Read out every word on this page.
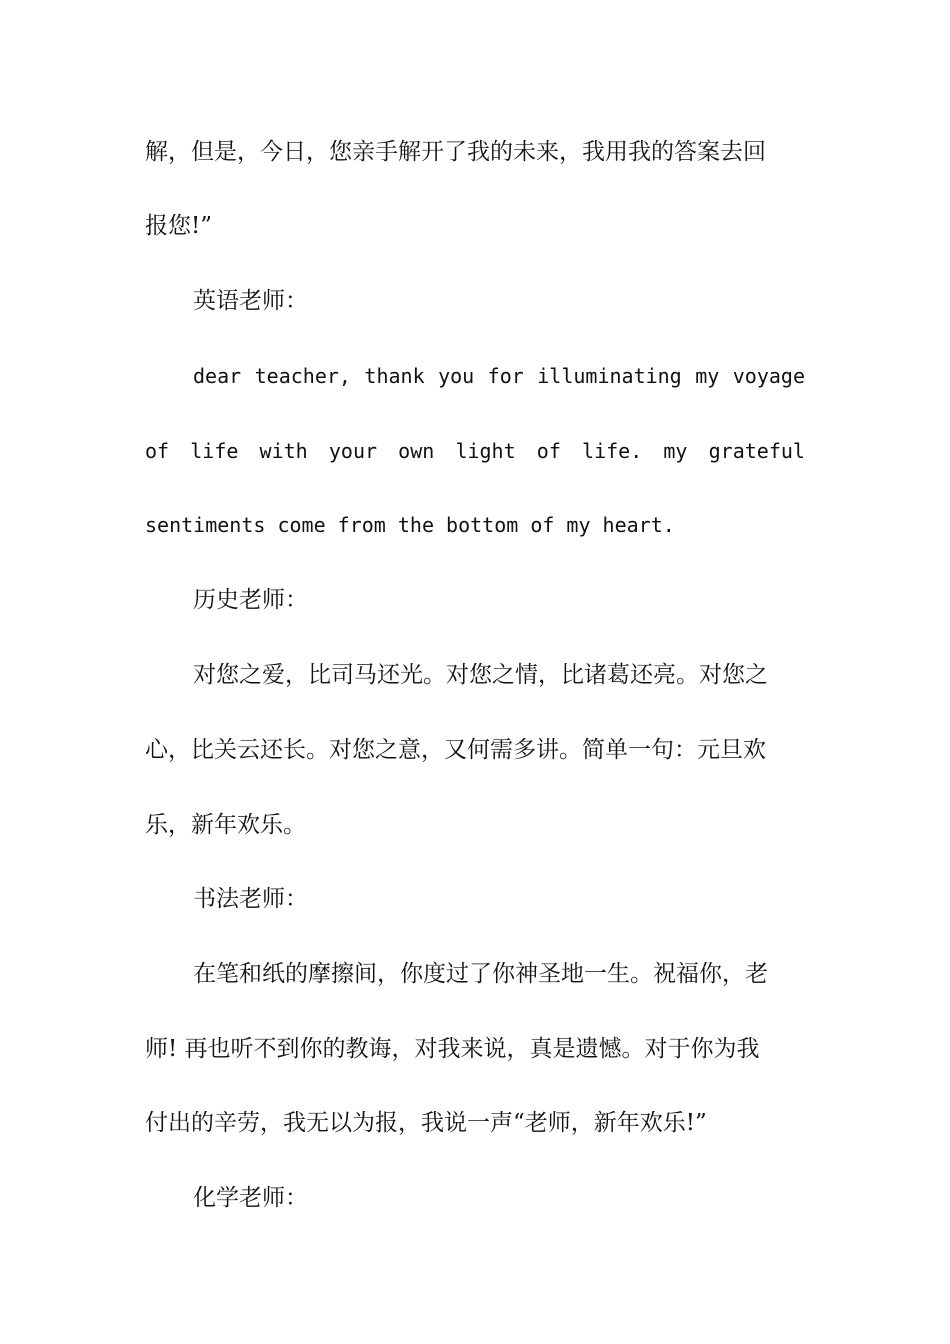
解，但是，今日，您亲手解开了我的未来，我用我的答案去回
报您!”
英语老师：
dear teacher, thank you for illuminating my voyage
of life with your own light of life. my grateful
sentiments come from the bottom of my heart.
历史老师：
对您之爱，比司马还光。对您之情，比诸葛还亮。对您之
心，比关云还长。对您之意，又何需多讲。简单一句：元旦欢
乐，新年欢乐。
书法老师：
在笔和纸的摩擦间，你度过了你神圣地一生。祝福你，老
师! 再也听不到你的教诲，对我来说，真是遗憾。对于你为我
付出的辛劳，我无以为报，我说一声“老师，新年欢乐!”
化学老师：
